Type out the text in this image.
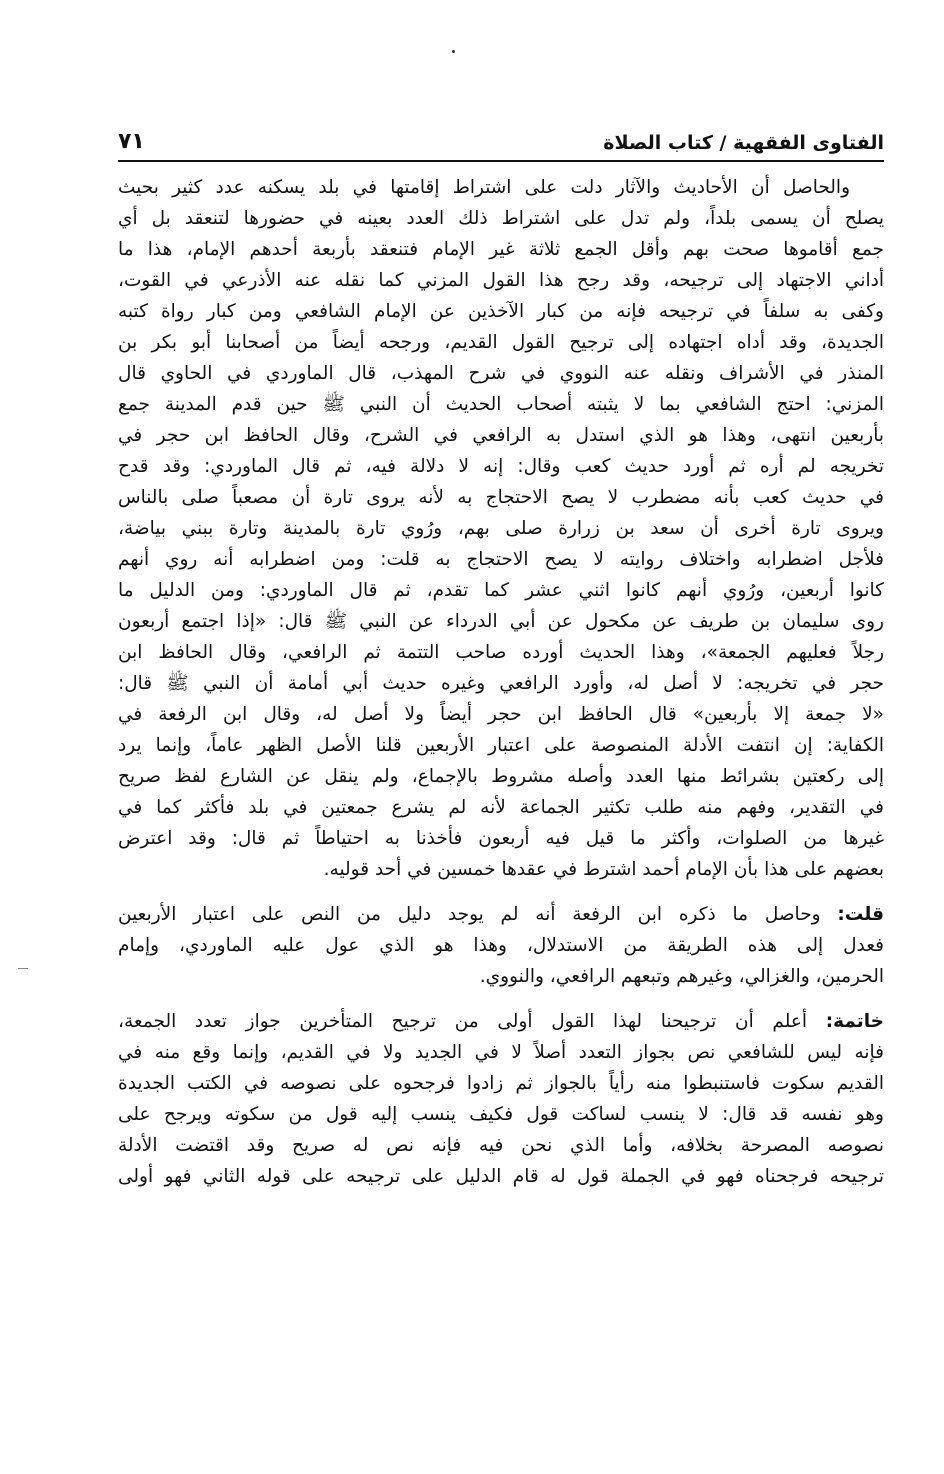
الفتاوى الفقهية / كتاب الصلاة
٧١
والحاصل أن الأحاديث والآثار دلت على اشتراط إقامتها في بلد يسكنه عدد كثير بحيث
يصلح أن يسمى بلداً، ولم تدل على اشتراط ذلك العدد بعينه في حضورها لتنعقد بل أي
جمع أقاموها صحت بهم وأقل الجمع ثلاثة غير الإمام فتنعقد بأربعة أحدهم الإمام، هذا ما
أداني الاجتهاد إلى ترجيحه، وقد رجح هذا القول المزني كما نقله عنه الأذرعي في القوت،
وكفى به سلفاً في ترجيحه فإنه من كبار الآخذين عن الإمام الشافعي ومن كبار رواة كتبه
الجديدة، وقد أداه اجتهاده إلى ترجيح القول القديم، ورجحه أيضاً من أصحابنا أبو بكر بن
المنذر في الأشراف ونقله عنه النووي في شرح المهذب، قال الماوردي في الحاوي قال
المزني: احتج الشافعي بما لا يثبته أصحاب الحديث أن النبي ﷺ حين قدم المدينة جمع
بأربعين انتهى، وهذا هو الذي استدل به الرافعي في الشرح، وقال الحافظ ابن حجر في
تخريجه لم أره ثم أورد حديث كعب وقال: إنه لا دلالة فيه، ثم قال الماوردي: وقد قدح
في حديث كعب بأنه مضطرب لا يصح الاحتجاج به لأنه يروى تارة أن مصعباً صلى بالناس
ويروى تارة أخرى أن سعد بن زرارة صلى بهم، ورُوي تارة بالمدينة وتارة ببني بياضة،
فلأجل اضطرابه واختلاف روايته لا يصح الاحتجاج به قلت: ومن اضطرابه أنه روي أنهم
كانوا أربعين، ورُوي أنهم كانوا اثني عشر كما تقدم، ثم قال الماوردي: ومن الدليل ما
روى سليمان بن طريف عن مكحول عن أبي الدرداء عن النبي ﷺ قال: «إذا اجتمع أربعون
رجلاً فعليهم الجمعة»، وهذا الحديث أورده صاحب التتمة ثم الرافعي، وقال الحافظ ابن
حجر في تخريجه: لا أصل له، وأورد الرافعي وغيره حديث أبي أمامة أن النبي ﷺ قال:
«لا جمعة إلا بأربعين» قال الحافظ ابن حجر أيضاً ولا أصل له، وقال ابن الرفعة في
الكفاية: إن انتفت الأدلة المنصوصة على اعتبار الأربعين قلنا الأصل الظهر عاماً، وإنما يرد
إلى ركعتين بشرائط منها العدد وأصله مشروط بالإجماع، ولم ينقل عن الشارع لفظ صريح
في التقدير، وفهم منه طلب تكثير الجماعة لأنه لم يشرع جمعتين في بلد فأكثر كما في
غيرها من الصلوات، وأكثر ما قيل فيه أربعون فأخذنا به احتياطاً ثم قال: وقد اعترض
بعضهم على هذا بأن الإمام أحمد اشترط في عقدها خمسين في أحد قوليه.
قلت: وحاصل ما ذكره ابن الرفعة أنه لم يوجد دليل من النص على اعتبار الأربعين
فعدل إلى هذه الطريقة من الاستدلال، وهذا هو الذي عول عليه الماوردي، وإمام
الحرمين، والغزالي، وغيرهم وتبعهم الرافعي، والنووي.
خاتمة: أعلم أن ترجيحنا لهذا القول أولى من ترجيح المتأخرين جواز تعدد الجمعة،
فإنه ليس للشافعي نص بجواز التعدد أصلاً لا في الجديد ولا في القديم، وإنما وقع منه في
القديم سكوت فاستنبطوا منه رأياً بالجواز ثم زادوا فرجحوه على نصوصه في الكتب الجديدة
وهو نفسه قد قال: لا ينسب لساكت قول فكيف ينسب إليه قول من سكوته ويرجح على
نصوصه المصرحة بخلافه، وأما الذي نحن فيه فإنه نص له صريح وقد اقتضت الأدلة
ترجيحه فرجحناه فهو في الجملة قول له قام الدليل على ترجيحه على قوله الثاني فهو أولى
